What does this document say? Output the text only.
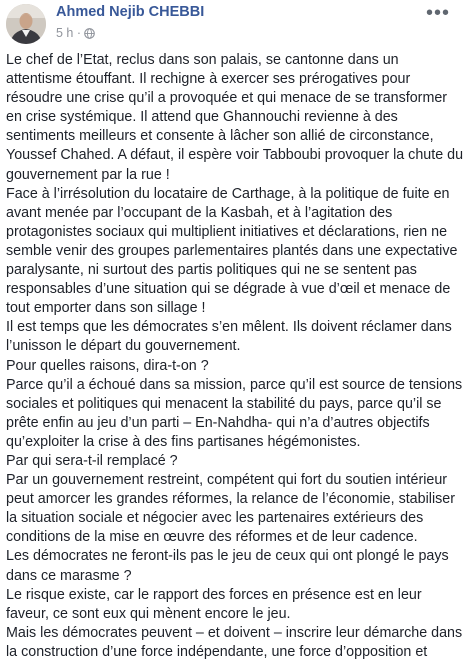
Ahmed Nejib CHEBBI
5 h ·
•••

Le chef de l’Etat, reclus dans son palais, se cantonne dans un
attentisme étouffant. Il rechigne à exercer ses prérogatives pour
résoudre une crise qu’il a provoquée et qui menace de se transformer
en crise systémique. Il attend que Ghannouchi revienne à des
sentiments meilleurs et consente à lâcher son allié de circonstance,
Youssef Chahed. A défaut, il espère voir Tabboubi provoquer la chute du
gouvernement par la rue !

Face à l’irrésolution du locataire de Carthage, à la politique de fuite en
avant menée par l’occupant de la Kasbah, et à l’agitation des
protagonistes sociaux qui multiplient initiatives et déclarations, rien ne
semble venir des groupes parlementaires plantés dans une expectative
paralysante, ni surtout des partis politiques qui ne se sentent pas
responsables d’une situation qui se dégrade à vue d’œil et menace de
tout emporter dans son sillage !

Il est temps que les démocrates s’en mêlent. Ils doivent réclamer dans
l’unisson le départ du gouvernement.

Pour quelles raisons, dira-t-on ?

Parce qu’il a échoué dans sa mission, parce qu’il est source de tensions
sociales et politiques qui menacent la stabilité du pays, parce qu’il se
prête enfin au jeu d’un parti – En-Nahdha- qui n’a d’autres objectifs
qu’exploiter la crise à des fins partisanes hégémonistes.

Par qui sera-t-il remplacé ?

Par un gouvernement restreint, compétent qui fort du soutien intérieur
peut amorcer les grandes réformes, la relance de l’économie, stabiliser
la situation sociale et négocier avec les partenaires extérieurs des
conditions de la mise en œuvre des réformes et de leur cadence.

Les démocrates ne feront-ils pas le jeu de ceux qui ont plongé le pays
dans ce marasme ?

Le risque existe, car le rapport des forces en présence est en leur
faveur, ce sont eux qui mènent encore le jeu.

Mais les démocrates peuvent – et doivent – inscrire leur démarche dans
la construction d’une force indépendante, une force d’opposition et
